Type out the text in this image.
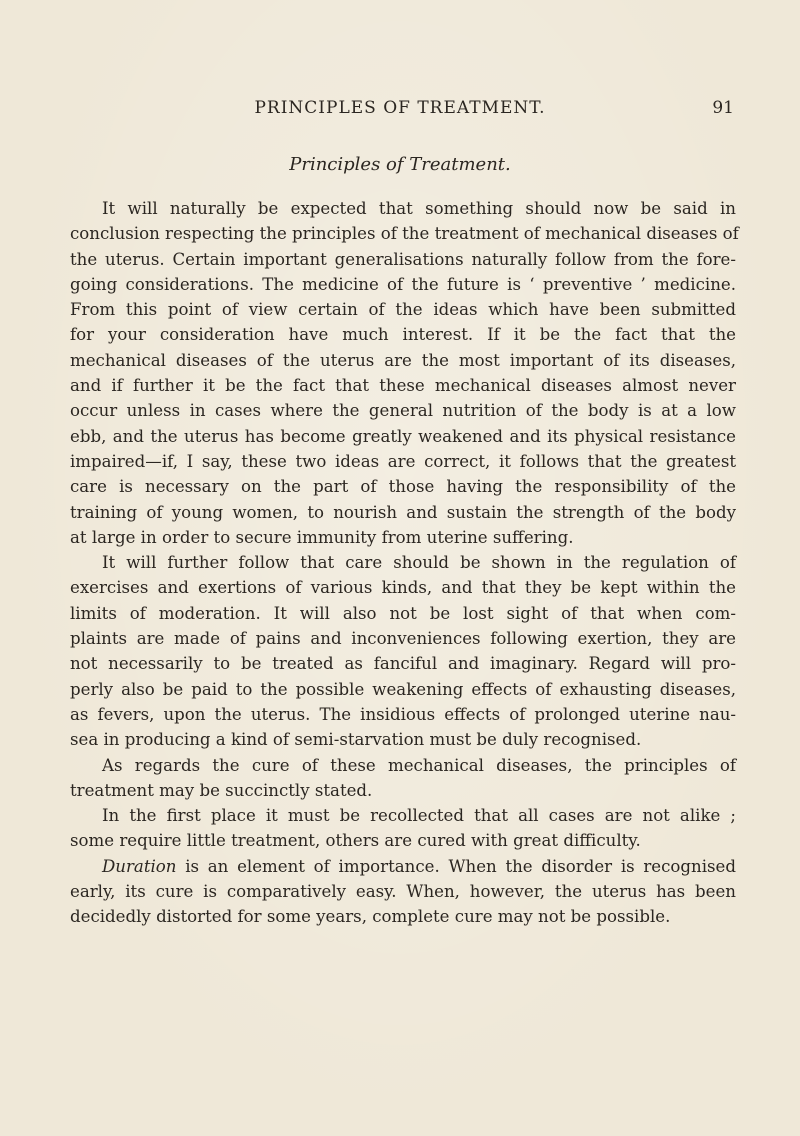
PRINCIPLES OF TREATMENT.	91
Principles of Treatment.
It will naturally be expected that something should now be said in
conclusion respecting the principles of the treatment of mechanical diseases of
the uterus. Certain important generalisations naturally follow from the fore-
going considerations. The medicine of the future is ‘ preventive ’ medicine.
From this point of view certain of the ideas which have been submitted
for your consideration have much interest. If it be the fact that the
mechanical diseases of the uterus are the most important of its diseases,
and if further it be the fact that these mechanical diseases almost never
occur unless in cases where the general nutrition of the body is at a low
ebb, and the uterus has become greatly weakened and its physical resistance
impaired—if, I say, these two ideas are correct, it follows that the greatest
care is necessary on the part of those having the responsibility of the
training of young women, to nourish and sustain the strength of the body
at large in order to secure immunity from uterine suffering.
It will further follow that care should be shown in the regulation of
exercises and exertions of various kinds, and that they be kept within the
limits of moderation. It will also not be lost sight of that when com-
plaints are made of pains and inconveniences following exertion, they are
not necessarily to be treated as fanciful and imaginary. Regard will pro-
perly also be paid to the possible weakening effects of exhausting diseases,
as fevers, upon the uterus. The insidious effects of prolonged uterine nau-
sea in producing a kind of semi-starvation must be duly recognised.
As regards the cure of these mechanical diseases, the principles of
treatment may be succinctly stated.
In the first place it must be recollected that all cases are not alike ;
some require little treatment, others are cured with great difficulty.
Duration is an element of importance. When the disorder is recognised
early, its cure is comparatively easy. When, however, the uterus has been
decidedly distorted for some years, complete cure may not be possible.
